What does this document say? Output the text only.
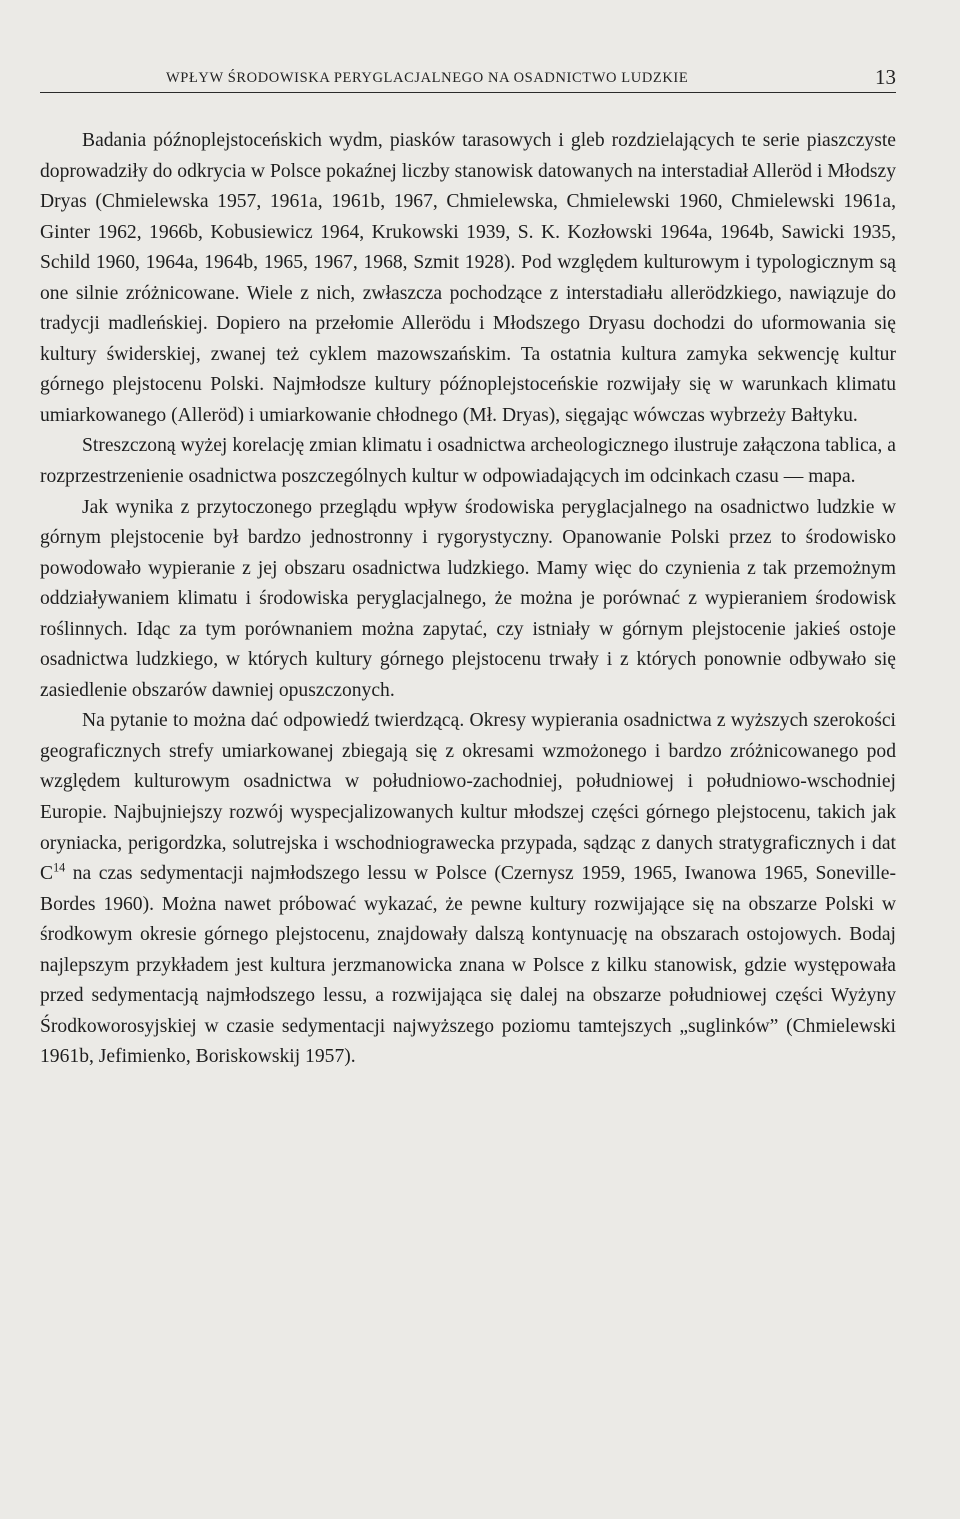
WPŁYW ŚRODOWISKA PERYGLACJALNEGO NA OSADNICTWO LUDZKIE	13

Badania późnoplejstoceńskich wydm, piasków tarasowych i gleb rozdzielających te serie piaszczyste doprowadziły do odkrycia w Polsce pokaźnej liczby stanowisk datowanych na interstadiał Alleröd i Młodszy Dryas (Chmielewska 1957, 1961a, 1961b, 1967, Chmielewska, Chmielewski 1960, Chmielewski 1961a, Ginter 1962, 1966b, Kobusiewicz 1964, Krukowski 1939, S. K. Kozłowski 1964a, 1964b, Sawicki 1935, Schild 1960, 1964a, 1964b, 1965, 1967, 1968, Szmit 1928). Pod względem kulturowym i typologicznym są one silnie zróżnicowane. Wiele z nich, zwłaszcza pochodzące z interstadiału allerödzkiego, nawiązuje do tradycji madleńskiej. Dopiero na przełomie Allerödu i Młodszego Dryasu dochodzi do uformowania się kultury świderskiej, zwanej też cyklem mazowszańskim. Ta ostatnia kultura zamyka sekwencję kultur górnego plejstocenu Polski. Najmłodsze kultury późnoplejstoceńskie rozwijały się w warunkach klimatu umiarkowanego (Alleröd) i umiarkowanie chłodnego (Mł. Dryas), sięgając wówczas wybrzeży Bałtyku.

Streszczoną wyżej korelację zmian klimatu i osadnictwa archeologicznego ilustruje załączona tablica, a rozprzestrzenienie osadnictwa poszczególnych kultur w odpowiadających im odcinkach czasu — mapa.

Jak wynika z przytoczonego przeglądu wpływ środowiska peryglacjalnego na osadnictwo ludzkie w górnym plejstocenie był bardzo jednostronny i rygorystyczny. Opanowanie Polski przez to środowisko powodowało wypieranie z jej obszaru osadnictwa ludzkiego. Mamy więc do czynienia z tak przemożnym oddziaływaniem klimatu i środowiska peryglacjalnego, że można je porównać z wypieraniem środowisk roślinnych. Idąc za tym porównaniem można zapytać, czy istniały w górnym plejstocenie jakieś ostoje osadnictwa ludzkiego, w których kultury górnego plejstocenu trwały i z których ponownie odbywało się zasiedlenie obszarów dawniej opuszczonych.

Na pytanie to można dać odpowiedź twierdzącą. Okresy wypierania osadnictwa z wyższych szerokości geograficznych strefy umiarkowanej zbiegają się z okresami wzmożonego i bardzo zróżnicowanego pod względem kulturowym osadnictwa w południowo-zachodniej, południowej i południowo-wschodniej Europie. Najbujniejszy rozwój wyspecjalizowanych kultur młodszej części górnego plejstocenu, takich jak oryniacka, perigordzka, solutrejska i wschodniograwecka przypada, sądząc z danych stratygraficznych i dat $C^{14}$ na czas sedymentacji najmłodszego lessu w Polsce (Czernysz 1959, 1965, Iwanowa 1965, Soneville-Bordes 1960). Można nawet próbować wykazać, że pewne kultury rozwijające się na obszarze Polski w środkowym okresie górnego plejstocenu, znajdowały dalszą kontynuację na obszarach ostojowych. Bodaj najlepszym przykładem jest kultura jerzmanowicka znana w Polsce z kilku stanowisk, gdzie występowała przed sedymentacją najmłodszego lessu, a rozwijająca się dalej na obszarze południowej części Wyżyny Środkoworosyjskiej w czasie sedymentacji najwyższego poziomu tamtejszych „suglinków” (Chmielewski 1961b, Jefimienko, Boriskowskij 1957).
